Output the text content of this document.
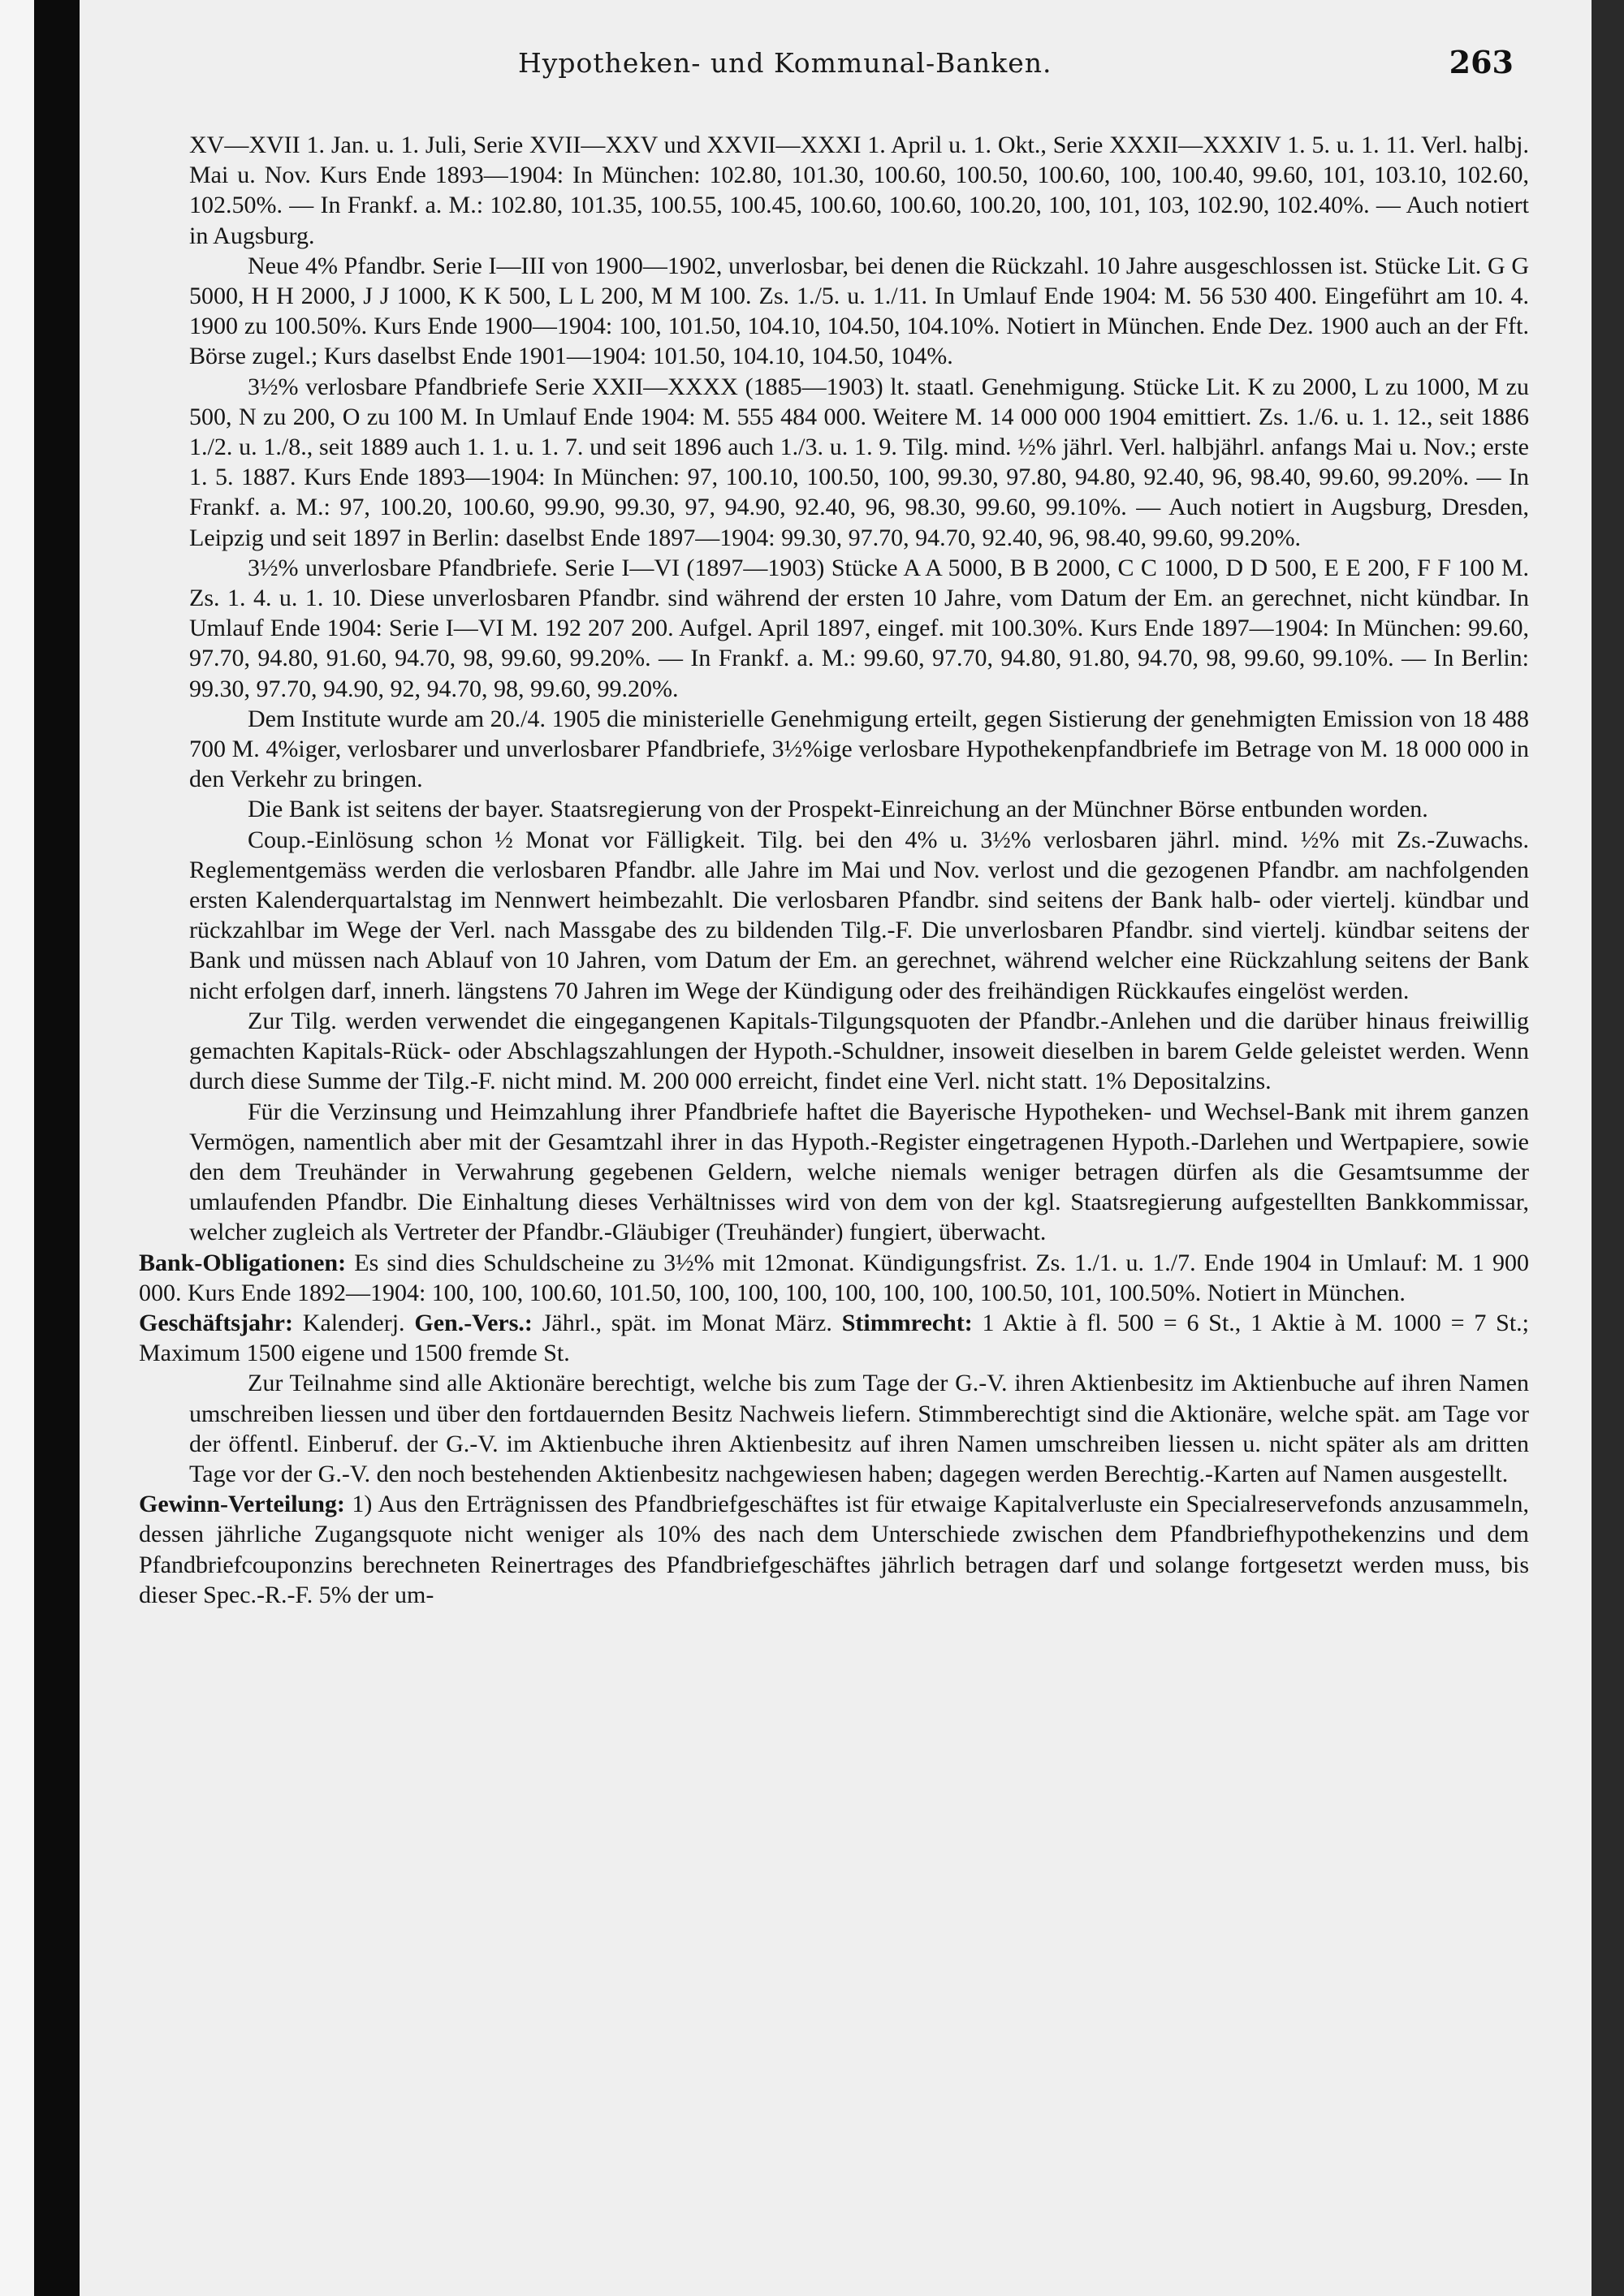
Hypotheken- und Kommunal-Banken.	263

XV—XVII 1. Jan. u. 1. Juli, Serie XVII—XXV und XXVII—XXXI 1. April u. 1. Okt., Serie XXXII—XXXIV 1. 5. u. 1. 11. Verl. halbj. Mai u. Nov. Kurs Ende 1893—1904: In München: 102.80, 101.30, 100.60, 100.50, 100.60, 100, 100.40, 99.60, 101, 103.10, 102.60, 102.50%. — In Frankf. a. M.: 102.80, 101.35, 100.55, 100.45, 100.60, 100.60, 100.20, 100, 101, 103, 102.90, 102.40%. — Auch notiert in Augsburg.

Neue 4% Pfandbr. Serie I—III von 1900—1902, unverlosbar, bei denen die Rückzahl. 10 Jahre ausgeschlossen ist. Stücke Lit. G G 5000, H H 2000, J J 1000, K K 500, L L 200, M M 100. Zs. 1./5. u. 1./11. In Umlauf Ende 1904: M. 56 530 400. Eingeführt am 10. 4. 1900 zu 100.50%. Kurs Ende 1900—1904: 100, 101.50, 104.10, 104.50, 104.10%. Notiert in München. Ende Dez. 1900 auch an der Fft. Börse zugel.; Kurs daselbst Ende 1901—1904: 101.50, 104.10, 104.50, 104%.

3½% verlosbare Pfandbriefe Serie XXII—XXXX (1885—1903) lt. staatl. Genehmigung. Stücke Lit. K zu 2000, L zu 1000, M zu 500, N zu 200, O zu 100 M. In Umlauf Ende 1904: M. 555 484 000. Weitere M. 14 000 000 1904 emittiert. Zs. 1./6. u. 1. 12., seit 1886 1./2. u. 1./8., seit 1889 auch 1. 1. u. 1. 7. und seit 1896 auch 1./3. u. 1. 9. Tilg. mind. ½% jährl. Verl. halbjährl. anfangs Mai u. Nov.; erste 1. 5. 1887. Kurs Ende 1893—1904: In München: 97, 100.10, 100.50, 100, 99.30, 97.80, 94.80, 92.40, 96, 98.40, 99.60, 99.20%. — In Frankf. a. M.: 97, 100.20, 100.60, 99.90, 99.30, 97, 94.90, 92.40, 96, 98.30, 99.60, 99.10%. — Auch notiert in Augsburg, Dresden, Leipzig und seit 1897 in Berlin: daselbst Ende 1897—1904: 99.30, 97.70, 94.70, 92.40, 96, 98.40, 99.60, 99.20%.

3½% unverlosbare Pfandbriefe. Serie I—VI (1897—1903) Stücke A A 5000, B B 2000, C C 1000, D D 500, E E 200, F F 100 M. Zs. 1. 4. u. 1. 10. Diese unverlosbaren Pfandbr. sind während der ersten 10 Jahre, vom Datum der Em. an gerechnet, nicht kündbar. In Umlauf Ende 1904: Serie I—VI M. 192 207 200. Aufgel. April 1897, eingef. mit 100.30%. Kurs Ende 1897—1904: In München: 99.60, 97.70, 94.80, 91.60, 94.70, 98, 99.60, 99.20%. — In Frankf. a. M.: 99.60, 97.70, 94.80, 91.80, 94.70, 98, 99.60, 99.10%. — In Berlin: 99.30, 97.70, 94.90, 92, 94.70, 98, 99.60, 99.20%.

Dem Institute wurde am 20./4. 1905 die ministerielle Genehmigung erteilt, gegen Sistierung der genehmigten Emission von 18 488 700 M. 4%iger, verlosbarer und unverlosbarer Pfandbriefe, 3½%ige verlosbare Hypothekenpfandbriefe im Betrage von M. 18 000 000 in den Verkehr zu bringen.

Die Bank ist seitens der bayer. Staatsregierung von der Prospekt-Einreichung an der Münchner Börse entbunden worden.

Coup.-Einlösung schon ½ Monat vor Fälligkeit. Tilg. bei den 4% u. 3½% verlosbaren jährl. mind. ½% mit Zs.-Zuwachs. Reglementgemäss werden die verlosbaren Pfandbr. alle Jahre im Mai und Nov. verlost und die gezogenen Pfandbr. am nachfolgenden ersten Kalenderquartalstag im Nennwert heimbezahlt. Die verlosbaren Pfandbr. sind seitens der Bank halb- oder viertelj. kündbar und rückzahlbar im Wege der Verl. nach Massgabe des zu bildenden Tilg.-F. Die unverlosbaren Pfandbr. sind viertelj. kündbar seitens der Bank und müssen nach Ablauf von 10 Jahren, vom Datum der Em. an gerechnet, während welcher eine Rückzahlung seitens der Bank nicht erfolgen darf, innerh. längstens 70 Jahren im Wege der Kündigung oder des freihändigen Rückkaufes eingelöst werden.

Zur Tilg. werden verwendet die eingegangenen Kapitals-Tilgungsquoten der Pfandbr.-Anlehen und die darüber hinaus freiwillig gemachten Kapitals-Rück- oder Abschlagszahlungen der Hypoth.-Schuldner, insoweit dieselben in barem Gelde geleistet werden. Wenn durch diese Summe der Tilg.-F. nicht mind. M. 200 000 erreicht, findet eine Verl. nicht statt. 1% Depositalzins.

Für die Verzinsung und Heimzahlung ihrer Pfandbriefe haftet die Bayerische Hypotheken- und Wechsel-Bank mit ihrem ganzen Vermögen, namentlich aber mit der Gesamtzahl ihrer in das Hypoth.-Register eingetragenen Hypoth.-Darlehen und Wertpapiere, sowie den dem Treuhänder in Verwahrung gegebenen Geldern, welche niemals weniger betragen dürfen als die Gesamtsumme der umlaufenden Pfandbr. Die Einhaltung dieses Verhältnisses wird von dem von der kgl. Staatsregierung aufgestellten Bankkommissar, welcher zugleich als Vertreter der Pfandbr.-Gläubiger (Treuhänder) fungiert, überwacht.

Bank-Obligationen: Es sind dies Schuldscheine zu 3½% mit 12monat. Kündigungsfrist. Zs. 1./1. u. 1./7. Ende 1904 in Umlauf: M. 1 900 000. Kurs Ende 1892—1904: 100, 100, 100.60, 101.50, 100, 100, 100, 100, 100, 100, 100.50, 101, 100.50%. Notiert in München.

Geschäftsjahr: Kalenderj. Gen.-Vers.: Jährl., spät. im Monat März. Stimmrecht: 1 Aktie à fl. 500 = 6 St., 1 Aktie à M. 1000 = 7 St.; Maximum 1500 eigene und 1500 fremde St.

Zur Teilnahme sind alle Aktionäre berechtigt, welche bis zum Tage der G.-V. ihren Aktienbesitz im Aktienbuche auf ihren Namen umschreiben liessen und über den fortdauernden Besitz Nachweis liefern. Stimmberechtigt sind die Aktionäre, welche spät. am Tage vor der öffentl. Einberuf. der G.-V. im Aktienbuche ihren Aktienbesitz auf ihren Namen umschreiben liessen u. nicht später als am dritten Tage vor der G.-V. den noch bestehenden Aktienbesitz nachgewiesen haben; dagegen werden Berechtig.-Karten auf Namen ausgestellt.

Gewinn-Verteilung: 1) Aus den Erträgnissen des Pfandbriefgeschäftes ist für etwaige Kapitalverluste ein Specialreservefonds anzusammeln, dessen jährliche Zugangsquote nicht weniger als 10% des nach dem Unterschiede zwischen dem Pfandbriefhypothekenzins und dem Pfandbriefcouponzins berechneten Reinertrages des Pfandbriefgeschäftes jährlich betragen darf und solange fortgesetzt werden muss, bis dieser Spec.-R.-F. 5% der um-
